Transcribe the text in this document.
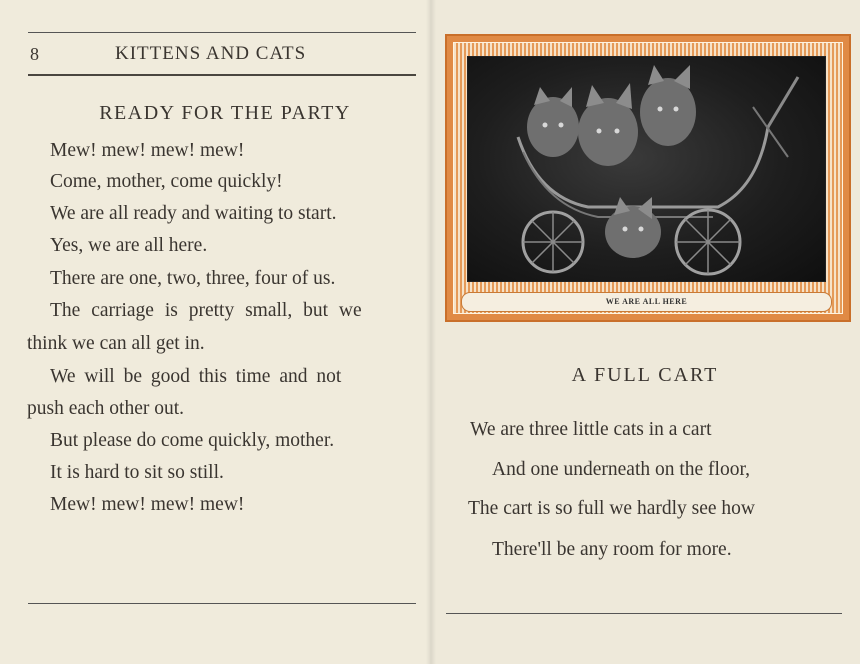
8	KITTENS AND CATS
READY FOR THE PARTY
Mew! mew! mew! mew!
Come, mother, come quickly!
We are all ready and waiting to start.
Yes, we are all here.
There are one, two, three, four of us.
The carriage is pretty small, but we
think we can all get in.
We will be good this time and not
push each other out.
But please do come quickly, mother.
It is hard to sit so still.
Mew! mew! mew! mew!
WE ARE ALL HERE
A FULL CART
We are three little cats in a cart
And one underneath on the floor,
The cart is so full we hardly see how
There'll be any room for more.
